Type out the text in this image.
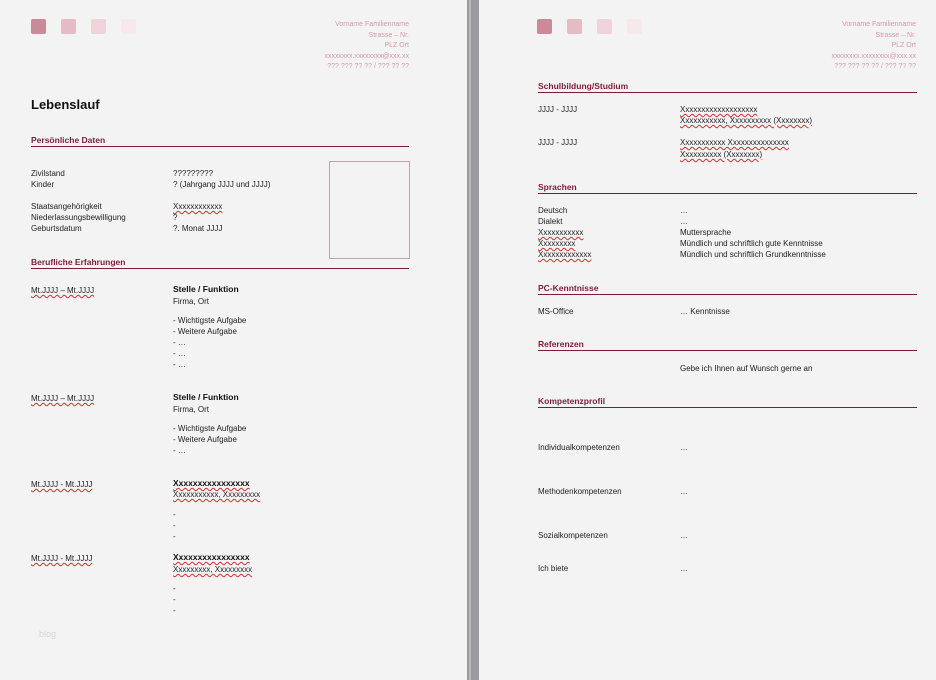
Vorname Familienname
Strasse – Nr.
PLZ Ort
xxxxxxxx.xxxxxxxx@xxx.xx
??? ??? ?? ?? / ??? ?? ??
Lebenslauf
Persönliche Daten
Zivilstand	?????????
Kinder	? (Jahrgang JJJJ und JJJJ)
Staatsangehörigkeit	Xxxxxxxxxxxx
Niederlassungsbewilligung	?
Geburtsdatum	?. Monat JJJJ
Berufliche Erfahrungen
Mt.JJJJ – Mt.JJJJ	Stelle / Funktion
Firma, Ort
- Wichtigste Aufgabe
- Weitere Aufgabe
- …
- …
- …
Mt.JJJJ – Mt.JJJJ	Stelle / Funktion
Firma, Ort
- Wichtigste Aufgabe
- Weitere Aufgabe
- …
Mt.JJJJ - Mt.JJJJ	Xxxxxxxxxxxxxxxx
Xxxxxxxxxxx, Xxxxxxxxx
-
-
-
Mt.JJJJ - Mt.JJJJ	Xxxxxxxxxxxxxxxx
Xxxxxxxxx, Xxxxxxxxx
-
-
-
blog
Vorname Familienname
Strasse – Nr.
PLZ Ort
xxxxxxxx.xxxxxxxx@xxx.xx
??? ??? ?? ?? / ??? ?? ??
Schulbildung/Studium
JJJJ - JJJJ	Xxxxxxxxxxxxxxxxxxx
Xxxxxxxxxxx, Xxxxxxxxxx (Xxxxxxxx)
JJJJ - JJJJ	Xxxxxxxxxxx Xxxxxxxxxxxxxxx
Xxxxxxxxxx (Xxxxxxxx)
Sprachen
Deutsch	…
Dialekt	…
Xxxxxxxxxxx	Muttersprache
Xxxxxxxxx	Mündlich und schriftlich gute Kenntnisse
Xxxxxxxxxxxxx	Mündlich und schriftlich Grundkenntnisse
PC-Kenntnisse
MS-Office	… Kenntnisse
Referenzen
Gebe ich Ihnen auf Wunsch gerne an
Kompetenzprofil
Individualkompetenzen	…
Methodenkompetenzen	…
Sozialkompetenzen	…
Ich biete	…
